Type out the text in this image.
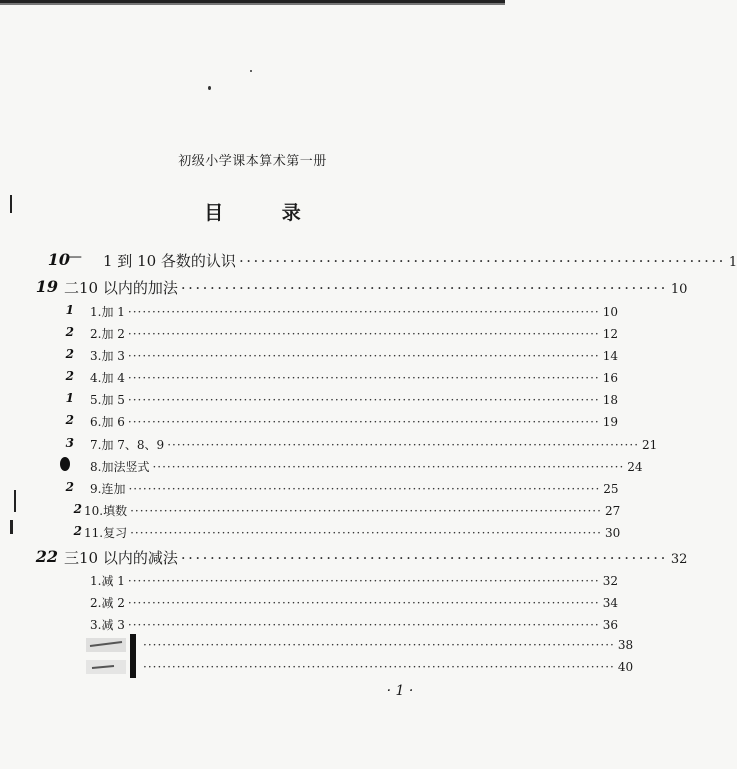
初级小学课本算术第一册
目 录
10
— 1 到 10 各数的认识 ··································································· 1
19 二 10 以内的加法 ··································································· 10
1 1. 加 1 ·································································································· 10
2 2. 加 2 ·································································································· 12
2 3. 加 3 ·································································································· 14
2 4. 加 4 ·································································································· 16
1 5. 加 5 ·································································································· 18
2 6. 加 6 ·································································································· 19
3 7. 加 7、8、9 ·································································································· 21
8. 加法竖式 ·································································································· 24
2 9. 连加 ·································································································· 25
2 10. 填数 ·································································································· 27
2 11. 复习 ·································································································· 30
22 三 10 以内的减法 ··································································· 32
1. 减 1 ·································································································· 32
2. 减 2 ·································································································· 34
3. 减 3 ·································································································· 36
·································································································· 38
·································································································· 40
· 1 ·
